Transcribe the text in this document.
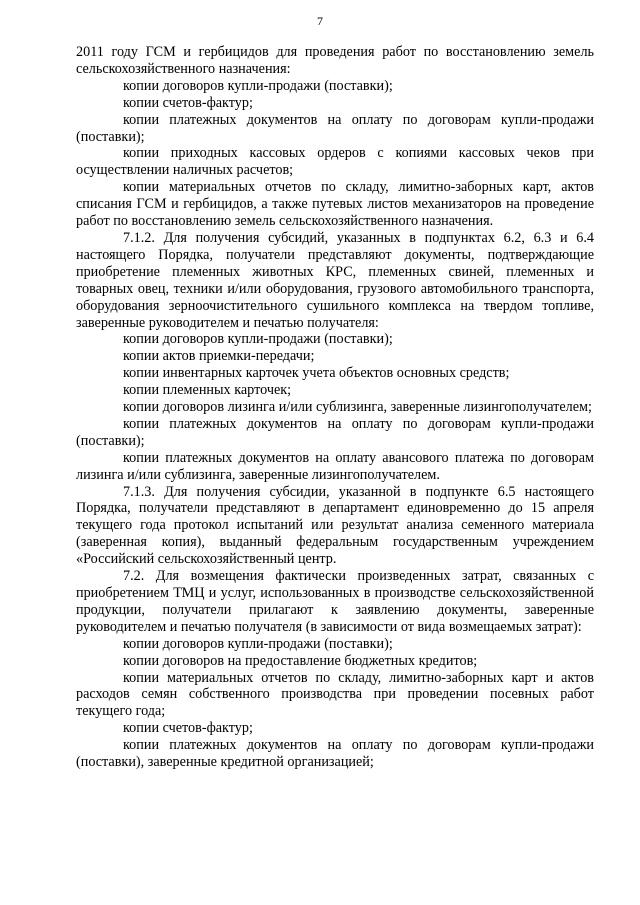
7

2011 году ГСМ и гербицидов для проведения работ по восстановлению земель сельскохозяйственного назначения:

копии договоров купли-продажи (поставки);

копии счетов-фактур;

копии платежных документов на оплату по договорам купли-продажи (поставки);

копии приходных кассовых ордеров с копиями кассовых чеков при осуществлении наличных расчетов;

копии материальных отчетов по складу, лимитно-заборных карт, актов списания ГСМ и гербицидов, а также путевых листов механизаторов на проведение работ по восстановлению земель сельскохозяйственного назначения.

7.1.2. Для получения субсидий, указанных в подпунктах 6.2, 6.3 и 6.4 настоящего Порядка, получатели представляют документы, подтверждающие приобретение племенных животных КРС, племенных свиней, племенных и товарных овец, техники и/или оборудования, грузового автомобильного транспорта, оборудования зерноочистительного сушильного комплекса на твердом топливе, заверенные руководителем и печатью получателя:

копии договоров купли-продажи (поставки);

копии актов приемки-передачи;

копии инвентарных карточек учета объектов основных средств;

копии племенных карточек;

копии договоров лизинга и/или сублизинга, заверенные лизингополучателем;

копии платежных документов на оплату по договорам купли-продажи (поставки);

копии платежных документов на оплату авансового платежа по договорам лизинга и/или сублизинга, заверенные лизингополучателем.

7.1.3. Для получения субсидии, указанной в подпункте 6.5 настоящего Порядка, получатели представляют в департамент единовременно до 15 апреля текущего года протокол испытаний или результат анализа семенного материала (заверенная копия), выданный федеральным государственным учреждением «Российский сельскохозяйственный центр.

7.2. Для возмещения фактически произведенных затрат, связанных с приобретением ТМЦ и услуг, использованных в производстве сельскохозяйственной продукции, получатели прилагают к заявлению документы, заверенные руководителем и печатью получателя (в зависимости от вида возмещаемых затрат):

копии договоров купли-продажи (поставки);

копии договоров на предоставление бюджетных кредитов;

копии материальных отчетов по складу, лимитно-заборных карт и актов расходов семян собственного производства при проведении посевных работ текущего года;

копии счетов-фактур;

копии платежных документов на оплату по договорам купли-продажи (поставки), заверенные кредитной организацией;
